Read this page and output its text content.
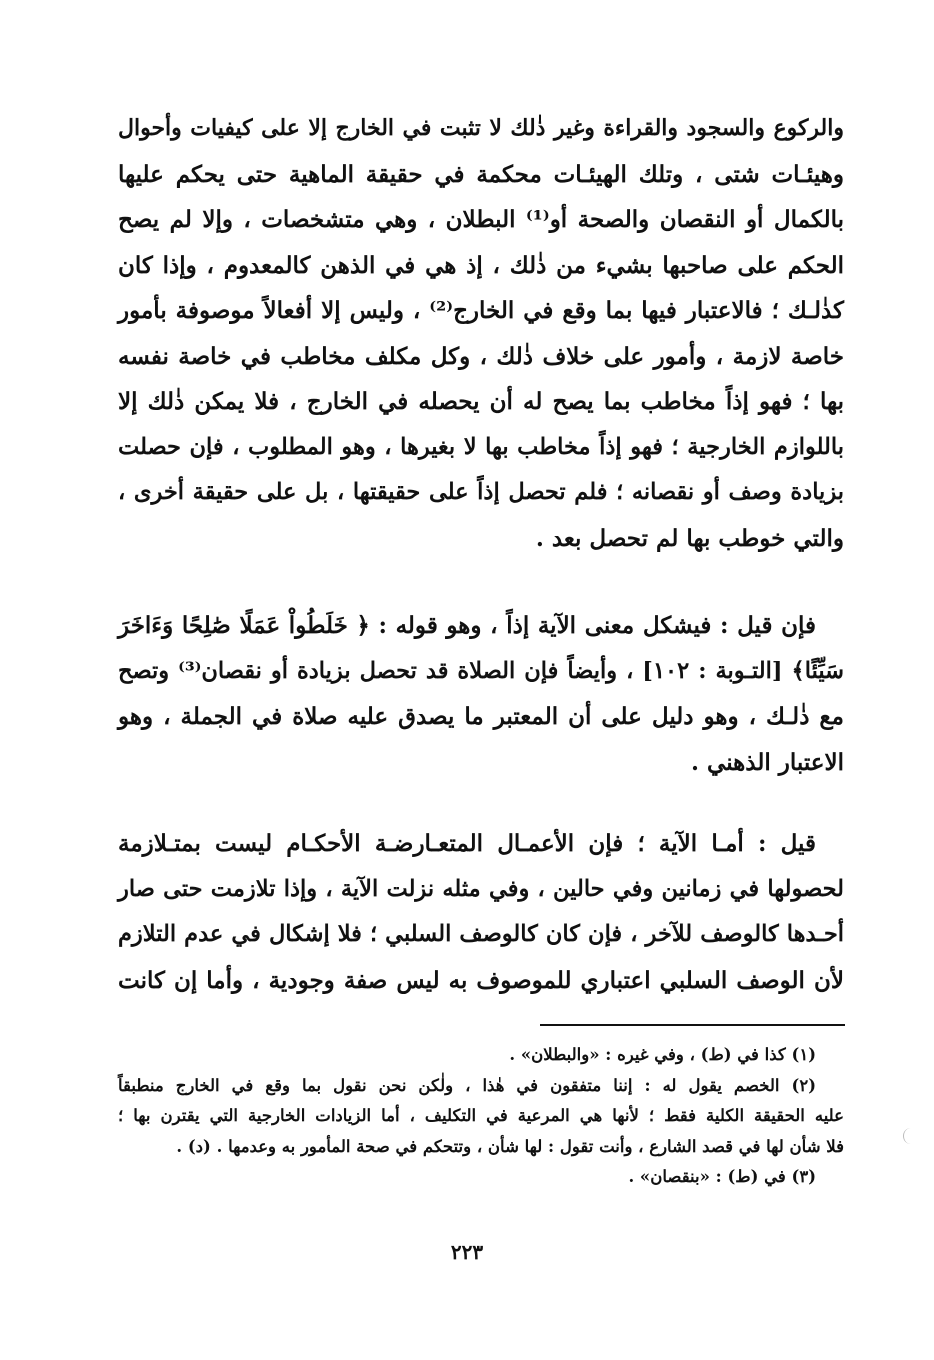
والركوع والسجود والقراءة وغير ذٰلك لا تثبت في الخارج إلا على كيفيات وأحوال
وهيئـات شتى ، وتلك الهيئـات محكمة في حقيقة الماهية حتى يحكم عليها
بالكمال أو النقصان والصحة أو⁽¹⁾ البطلان ، وهي متشخصات ، وإلا لم يصح
الحكم على صاحبها بشيء من ذٰلك ، إذ هي في الذهن كالمعدوم ، وإذا كان
كذٰلـك ؛ فالاعتبار فيها بما وقع في الخارج⁽²⁾ ، وليس إلا أفعالاً موصوفة بأمور
خاصة لازمة ، وأمور على خلاف ذٰلك ، وكل مكلف مخاطب في خاصة نفسه
بها ؛ فهو إذاً مخاطب بما يصح له أن يحصله في الخارج ، فلا يمكن ذٰلك إلا
باللوازم الخارجية ؛ فهو إذاً مخاطب بها لا بغيرها ، وهو المطلوب ، فإن حصلت
بزيادة وصف أو نقصانه ؛ فلم تحصل إذاً على حقيقتها ، بل على حقيقة أخرى ،
والتي خوطب بها لم تحصل بعد .
فإن قيل : فيشكل معنى الآية إذاً ، وهو قوله : ﴿ خَلَطُواْ عَمَلًا صَٰلِحًا وَءَاخَرَ
سَيِّئًا﴾ [التـوبة : ١٠٢] ، وأيضاً فإن الصلاة قد تحصل بزيادة أو نقصان⁽³⁾ وتصح
مع ذٰلـك ، وهو دليل على أن المعتبر ما يصدق عليه صلاة في الجملة ، وهو
الاعتبار الذهني .
قيل : أمـا الآية ؛ فإن الأعمـال المتعـارضـة الأحكـام ليست بمتـلازمة
لحصولها في زمانين وفي حالين ، وفي مثله نزلت الآية ، وإذا تلازمت حتى صار
أحـدها كالوصف للآخر ، فإن كان كالوصف السلبي ؛ فلا إشكال في عدم التلازم
لأن الوصف السلبي اعتباري للموصوف به ليس صفة وجودية ، وأما إن كانت
(١) كذا في (ط) ، وفي غيره : «والبطلان» .
(٢) الخصم يقول له : إننا متفقون في هٰذا ، ولٰكن نحن نقول بما وقع في الخارج منطبقاً
عليه الحقيقة الكلية فقط ؛ لأنها هي المرعية في التكليف ، أما الزيادات الخارجية التي يقترن بها ؛
فلا شأن لها في قصد الشارع ، وأنت تقول : لها شأن ، وتتحكم في صحة المأمور به وعدمها . (د) .
(٣) في (ط) : «بنقصان» .
٢٢٣
